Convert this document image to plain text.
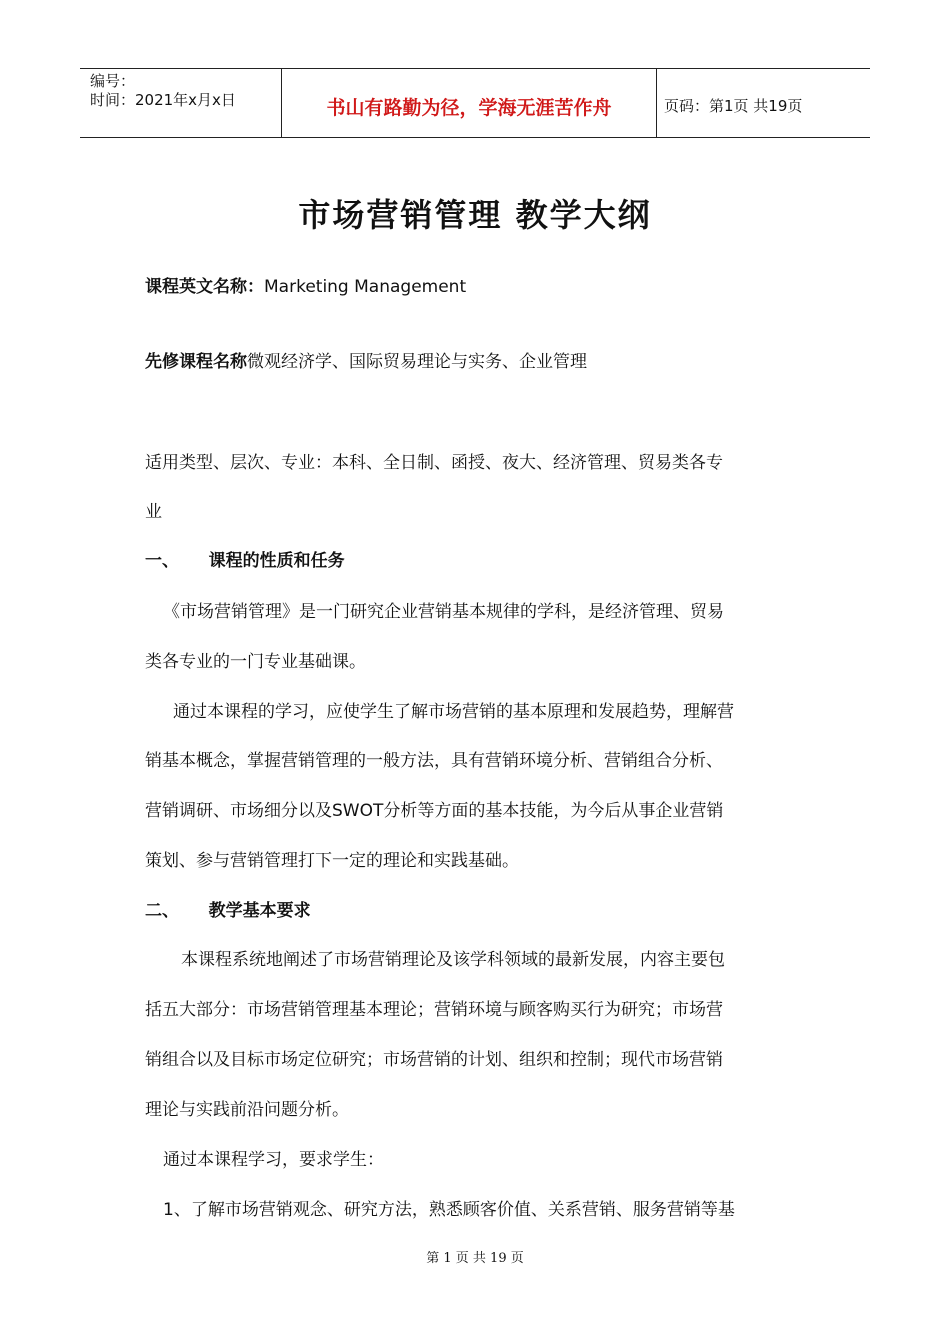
编号：
时间：2021年x月x日	书山有路勤为径，学海无涯苦作舟	页码：第1页 共19页
市场营销管理 教学大纲
课程英文名称：Marketing Management
先修课程名称微观经济学、国际贸易理论与实务、企业管理
适用类型、层次、专业：本科、全日制、函授、夜大、经济管理、贸易类各专
业
一、     课程的性质和任务
《市场营销管理》是一门研究企业营销基本规律的学科，是经济管理、贸易
类各专业的一门专业基础课。
通过本课程的学习，应使学生了解市场营销的基本原理和发展趋势，理解营
销基本概念，掌握营销管理的一般方法，具有营销环境分析、营销组合分析、
营销调研、市场细分以及SWOT分析等方面的基本技能，为今后从事企业营销
策划、参与营销管理打下一定的理论和实践基础。
二、     教学基本要求
本课程系统地阐述了市场营销理论及该学科领域的最新发展，内容主要包
括五大部分：市场营销管理基本理论；营销环境与顾客购买行为研究；市场营
销组合以及目标市场定位研究；市场营销的计划、组织和控制；现代市场营销
理论与实践前沿问题分析。
通过本课程学习，要求学生：
1、了解市场营销观念、研究方法，熟悉顾客价值、关系营销、服务营销等基
第 1 页 共 19 页
